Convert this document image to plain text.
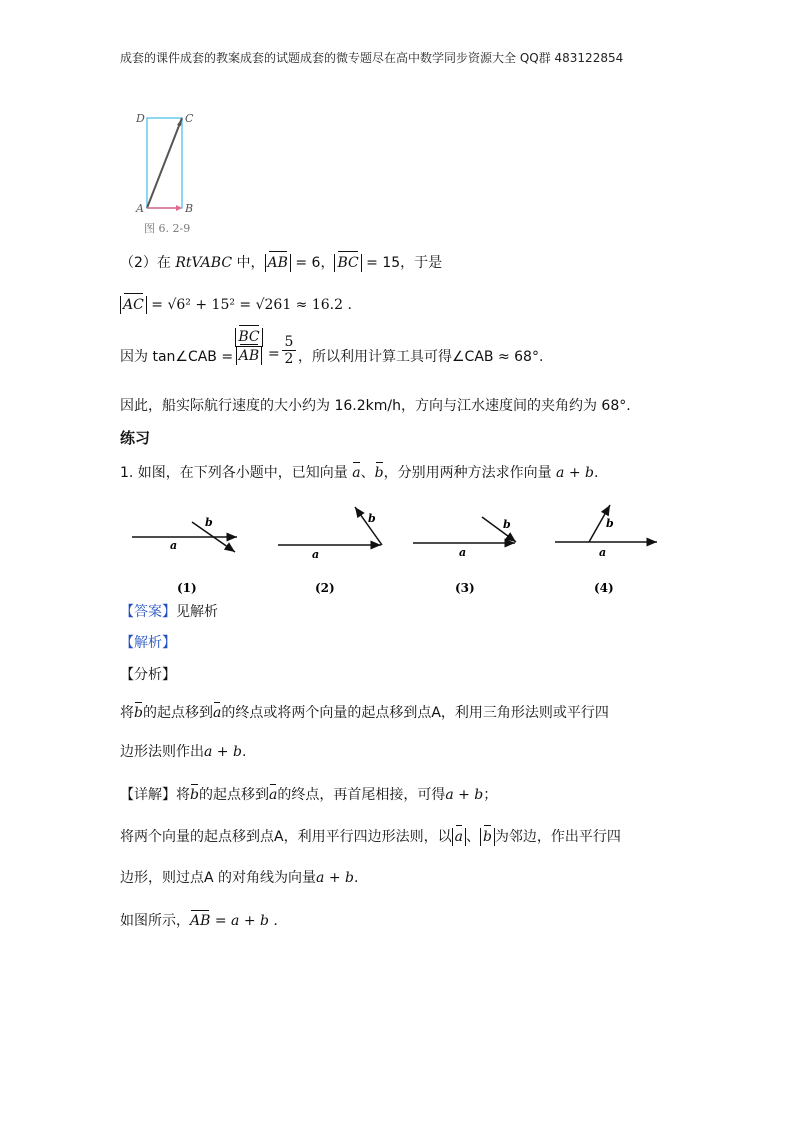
成套的课件成套的教案成套的试题成套的微专题尽在高中数学同步资源大全 QQ群 483122854
D	C
A	B
图 6. 2-9
（2）在 RtVABC 中， AB = 6， BC = 15，于是
AC = √6² + 15² = √261 ≈ 16.2 .
因为 tan∠CAB = $\frac{BC}{AB}$ =
5
2 ，所以利用计算工具可得∠CAB ≈ 68°.
因此，船实际航行速度的大小约为 16.2km/h，方向与江水速度间的夹角约为 68°.
练习
1. 如图，在下列各小题中，已知向量 a、b，分别用两种方法求作向量 a + b.
a
b
(1)
a
b
(2)
a
b
(3)
a
b
(4)
【答案】见解析
【解析】
【分析】
将b的起点移到a的终点或将两个向量的起点移到点A，利用三角形法则或平行四
边形法则作出a + b.
【详解】将b的起点移到a的终点，再首尾相接，可得a + b；
将两个向量的起点移到点A，利用平行四边形法则，以 a 、 b 为邻边，作出平行四
边形，则过点A 的对角线为向量a + b.
如图所示，AB = a + b .
